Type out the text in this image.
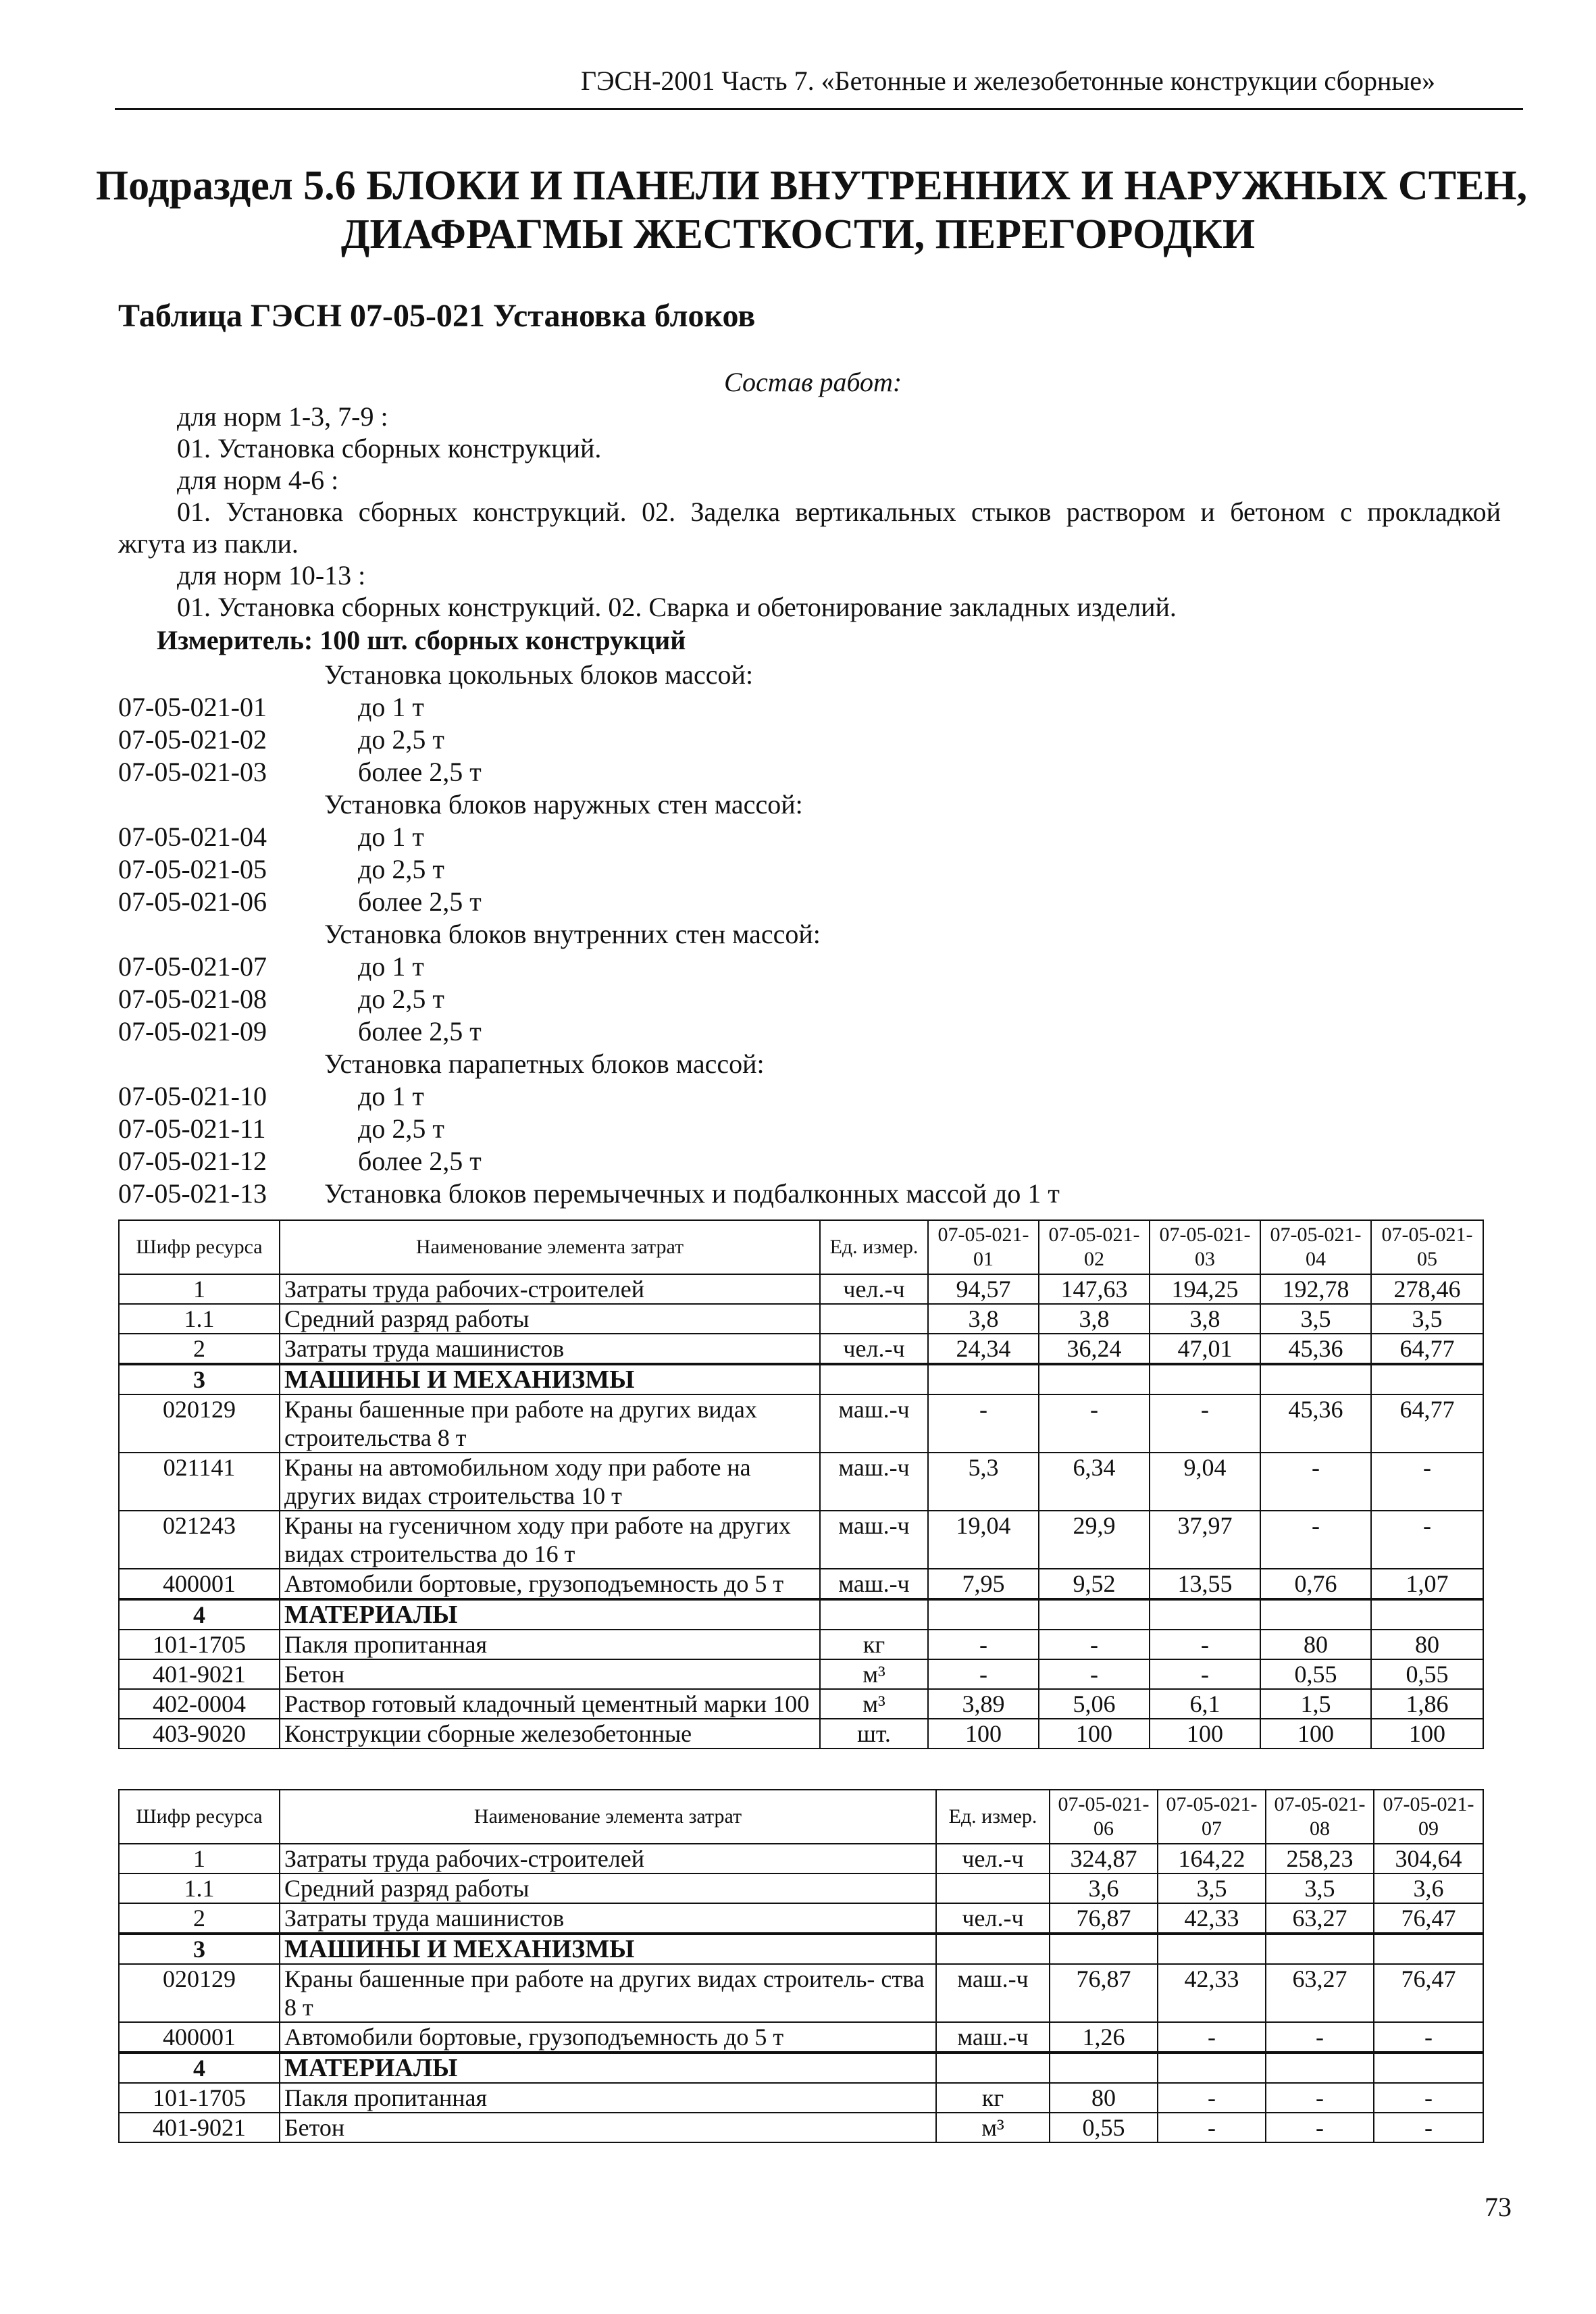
ГЭСН-2001 Часть 7. «Бетонные и железобетонные конструкции сборные»
Подраздел 5.6 БЛОКИ И ПАНЕЛИ ВНУТРЕННИХ И НАРУЖНЫХ СТЕН,
ДИАФРАГМЫ ЖЕСТКОСТИ, ПЕРЕГОРОДКИ
Таблица ГЭСН 07-05-021 Установка блоков
Состав работ:
для норм 1-3, 7-9 :
01. Установка сборных конструкций.
для норм 4-6 :
01. Установка сборных конструкций. 02. Заделка вертикальных стыков раствором и бетоном с прокладкой
жгута из пакли.
для норм 10-13 :
01. Установка сборных конструкций. 02. Сварка и обетонирование закладных изделий.
Измеритель: 100 шт. сборных конструкций
Установка цокольных блоков массой:
07-05-021-01	до 1 т
07-05-021-02	до 2,5 т
07-05-021-03	более 2,5 т
Установка блоков наружных стен массой:
07-05-021-04	до 1 т
07-05-021-05	до 2,5 т
07-05-021-06	более 2,5 т
Установка блоков внутренних стен массой:
07-05-021-07	до 1 т
07-05-021-08	до 2,5 т
07-05-021-09	более 2,5 т
Установка парапетных блоков массой:
07-05-021-10	до 1 т
07-05-021-11	до 2,5 т
07-05-021-12	более 2,5 т
07-05-021-13 Установка блоков перемычечных и подбалконных массой до 1 т
Шифр ресурса	Наименование элемента затрат	Ед. измер.	07-05-021-01	07-05-021-02	07-05-021-03	07-05-021-04	07-05-021-05
1	Затраты труда рабочих-строителей	чел.-ч	94,57	147,63	194,25	192,78	278,46
1.1	Средний разряд работы		3,8	3,8	3,8	3,5	3,5
2	Затраты труда машинистов	чел.-ч	24,34	36,24	47,01	45,36	64,77
3	МАШИНЫ И МЕХАНИЗМЫ						
020129	Краны башенные при работе на других видах строительства 8 т	маш.-ч	-	-	-	45,36	64,77
021141	Краны на автомобильном ходу при работе на других видах строительства 10 т	маш.-ч	5,3	6,34	9,04	-	-
021243	Краны на гусеничном ходу при работе на других видах строительства до 16 т	маш.-ч	19,04	29,9	37,97	-	-
400001	Автомобили бортовые, грузоподъемность до 5 т	маш.-ч	7,95	9,52	13,55	0,76	1,07
4	МАТЕРИАЛЫ						
101-1705	Пакля пропитанная	кг	-	-	-	80	80
401-9021	Бетон	м³	-	-	-	0,55	0,55
402-0004	Раствор готовый кладочный цементный марки 100	м³	3,89	5,06	6,1	1,5	1,86
403-9020	Конструкции сборные железобетонные	шт.	100	100	100	100	100
Шифр ресурса	Наименование элемента затрат	Ед. измер.	07-05-021-06	07-05-021-07	07-05-021-08	07-05-021-09
1	Затраты труда рабочих-строителей	чел.-ч	324,87	164,22	258,23	304,64
1.1	Средний разряд работы		3,6	3,5	3,5	3,6
2	Затраты труда машинистов	чел.-ч	76,87	42,33	63,27	76,47
3	МАШИНЫ И МЕХАНИЗМЫ					
020129	Краны башенные при работе на других видах строитель- ства 8 т	маш.-ч	76,87	42,33	63,27	76,47
400001	Автомобили бортовые, грузоподъемность до 5 т	маш.-ч	1,26	-	-	-
4	МАТЕРИАЛЫ					
101-1705	Пакля пропитанная	кг	80	-	-	-
401-9021	Бетон	м³	0,55	-	-	-
73
